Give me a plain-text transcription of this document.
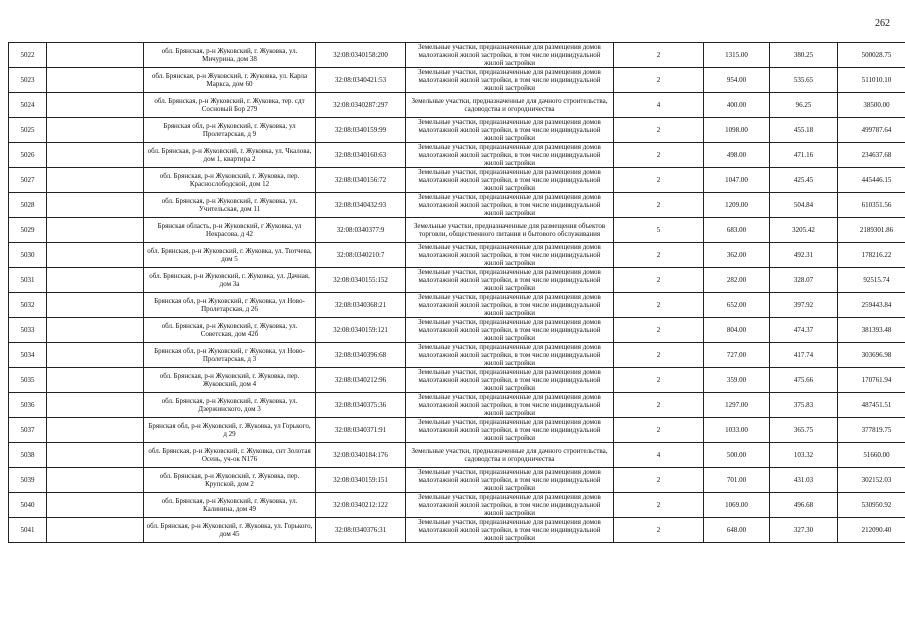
262
5022		обл. Брянская, р-н Жуковский, г. Жуковка, ул. Мичурина, дом 38	32:08:0340158:200	Земельные участки, предназначенные для размещения домов малоэтажной жилой застройки, в том числе индивидуальной жилой застройки	2	1315.00	380.25	500028.75
5023		обл. Брянская, р-н Жуковский, г. Жуковка, ул. Карла Маркса, дом 60	32:08:0340421:53	Земельные участки, предназначенные для размещения домов малоэтажной жилой застройки, в том числе индивидуальной жилой застройки	2	954.00	535.65	511010.10
5024		обл. Брянская, р-н Жуковский, г. Жуковка, тер. сдт Сосновый Бор 279	32:08:0340287:297	Земельные участки, предназначенные для дачного строительства, садоводства и огородничества	4	400.00	96.25	38500.00
5025		Брянская обл, р-н Жуковский, г. Жуковка, ул Пролетарская, д 9	32:08:0340159:99	Земельные участки, предназначенные для размещения домов малоэтажной жилой застройки, в том числе индивидуальной жилой застройки	2	1098.00	455.18	499787.64
5026		обл. Брянская, р-н Жуковский, г. Жуковка, ул. Чкалова, дом 1, квартира 2	32:08:0340160:63	Земельные участки, предназначенные для размещения домов малоэтажной жилой застройки, в том числе индивидуальной жилой застройки	2	498.00	471.16	234637.68
5027		обл. Брянская, р-н Жуковский, г. Жуковка, пер. Краснослободской, дом 12	32:08:0340156:72	Земельные участки, предназначенные для размещения домов малоэтажной жилой застройки, в том числе индивидуальной жилой застройки	2	1047.00	425.45	445446.15
5028		обл. Брянская, р-н Жуковский, г. Жуковка, ул. Учительская, дом 11	32:08:0340432:93	Земельные участки, предназначенные для размещения домов малоэтажной жилой застройки, в том числе индивидуальной жилой застройки	2	1209.00	504.84	610351.56
5029		Брянская область, р-н Жуковский, г Жуковка, ул Некрасова, д 42	32:08:0340377:9	Земельные участки, предназначенные для размещения объектов торговли, общественного питания и бытового обслуживания	5	683.00	3205.42	2189301.86
5030		обл. Брянская, р-н Жуковский, г. Жуковка, ул. Тютчева, дом 5	32:08:0340210:7	Земельные участки, предназначенные для размещения домов малоэтажной жилой застройки, в том числе индивидуальной жилой застройки	2	362.00	492.31	178216.22
5031		обл. Брянская, р-н Жуковский, г. Жуковка, ул. Дачная, дом 3а	32:08:0340155:152	Земельные участки, предназначенные для размещения домов малоэтажной жилой застройки, в том числе индивидуальной жилой застройки	2	282.00	328.07	92515.74
5032		Брянская обл, р-н Жуковский, г Жуковка, ул Ново-Пролетарская, д 26	32:08:0340368:21	Земельные участки, предназначенные для размещения домов малоэтажной жилой застройки, в том числе индивидуальной жилой застройки	2	652.00	397.92	259443.84
5033		обл. Брянская, р-н Жуковский, г. Жуковка, ул. Советская, дом 42б	32:08:0340159:121	Земельные участки, предназначенные для размещения домов малоэтажной жилой застройки, в том числе индивидуальной жилой застройки	2	804.00	474.37	381393.48
5034		Брянская обл, р-н Жуковский, г Жуковка, ул Ново-Пролетарская, д 3	32:08:0340396:68	Земельные участки, предназначенные для размещения домов малоэтажной жилой застройки, в том числе индивидуальной жилой застройки	2	727.00	417.74	303696.98
5035		обл. Брянская, р-н Жуковский, г. Жуковка, пер. Жуковский, дом 4	32:08:0340212:96	Земельные участки, предназначенные для размещения домов малоэтажной жилой застройки, в том числе индивидуальной жилой застройки	2	359.00	475.66	170761.94
5036		обл. Брянская, р-н Жуковский, г. Жуковка, ул. Дзержинского, дом 3	32:08:0340375:36	Земельные участки, предназначенные для размещения домов малоэтажной жилой застройки, в том числе индивидуальной жилой застройки	2	1297.00	375.83	487451.51
5037		Брянская обл, р-н Жуковский, г. Жуковка, ул Горького, д 29	32:08:0340371:91	Земельные участки, предназначенные для размещения домов малоэтажной жилой застройки, в том числе индивидуальной жилой застройки	2	1033.00	365.75	377819.75
5038		обл. Брянская, р-н Жуковский, г. Жуковка, снт Золотая Осень, уч-ок N176	32:08:0340184:176	Земельные участки, предназначенные для дачного строительства, садоводства и огородничества	4	500.00	103.32	51660.00
5039		обл. Брянская, р-н Жуковский, г. Жуковка, пер. Крупской, дом 2	32:08:0340159:151	Земельные участки, предназначенные для размещения домов малоэтажной жилой застройки, в том числе индивидуальной жилой застройки	2	701.00	431.03	302152.03
5040		обл. Брянская, р-н Жуковский, г. Жуковка, ул. Калинина, дом 49	32:08:0340212:122	Земельные участки, предназначенные для размещения домов малоэтажной жилой застройки, в том числе индивидуальной жилой застройки	2	1069.00	496.68	530950.92
5041		обл. Брянская, р-н Жуковский, г. Жуковка, ул. Горького, дом 45	32:08:0340376:31	Земельные участки, предназначенные для размещения домов малоэтажной жилой застройки, в том числе индивидуальной жилой застройки	2	648.00	327.30	212090.40
